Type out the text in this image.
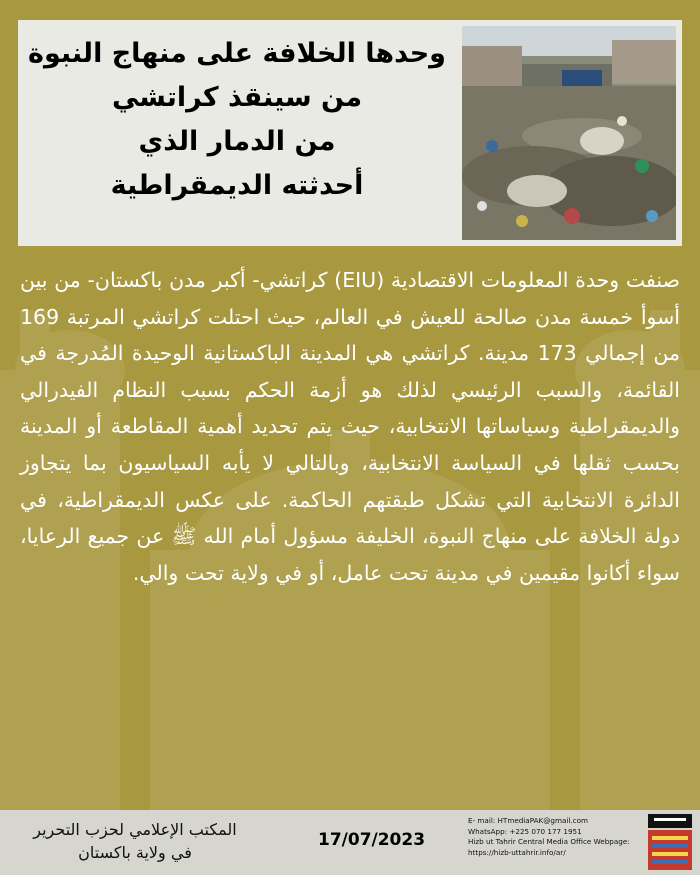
وحدها الخلافة على منهاج النبوة
من سينقذ كراتشي
من الدمار الذي
أحدثته الديمقراطية
صنفت وحدة المعلومات الاقتصادية (EIU) كراتشي- أكبر مدن باكستان- من بين أسوأ خمسة مدن صالحة للعيش في العالم، حيث احتلت كراتشي المرتبة 169 من إجمالي 173 مدينة. كراتشي هي المدينة الباكستانية الوحيدة المُدرجة في القائمة، والسبب الرئيسي لذلك هو أزمة الحكم بسبب النظام الفيدرالي والديمقراطية وسياساتها الانتخابية، حيث يتم تحديد أهمية المقاطعة أو المدينة بحسب ثقلها في السياسة الانتخابية، وبالتالي لا يأبه السياسيون بما يتجاوز الدائرة الانتخابية التي تشكل طبقتهم الحاكمة. على عكس الديمقراطية، في دولة الخلافة على منهاج النبوة، الخليفة مسؤول أمام الله ﷺ عن جميع الرعايا، سواء أكانوا مقيمين في مدينة تحت عامل، أو في ولاية تحت والي.
المكتب الإعلامي لحزب التحرير
في ولاية باكستان
17/07/2023
E- mail: HTmediaPAK@gmail.com
WhatsApp: +225 070 177 1951
Hizb ut Tahrir Central Media Office Webpage:
https://hizb-uttahrir.info/ar/
